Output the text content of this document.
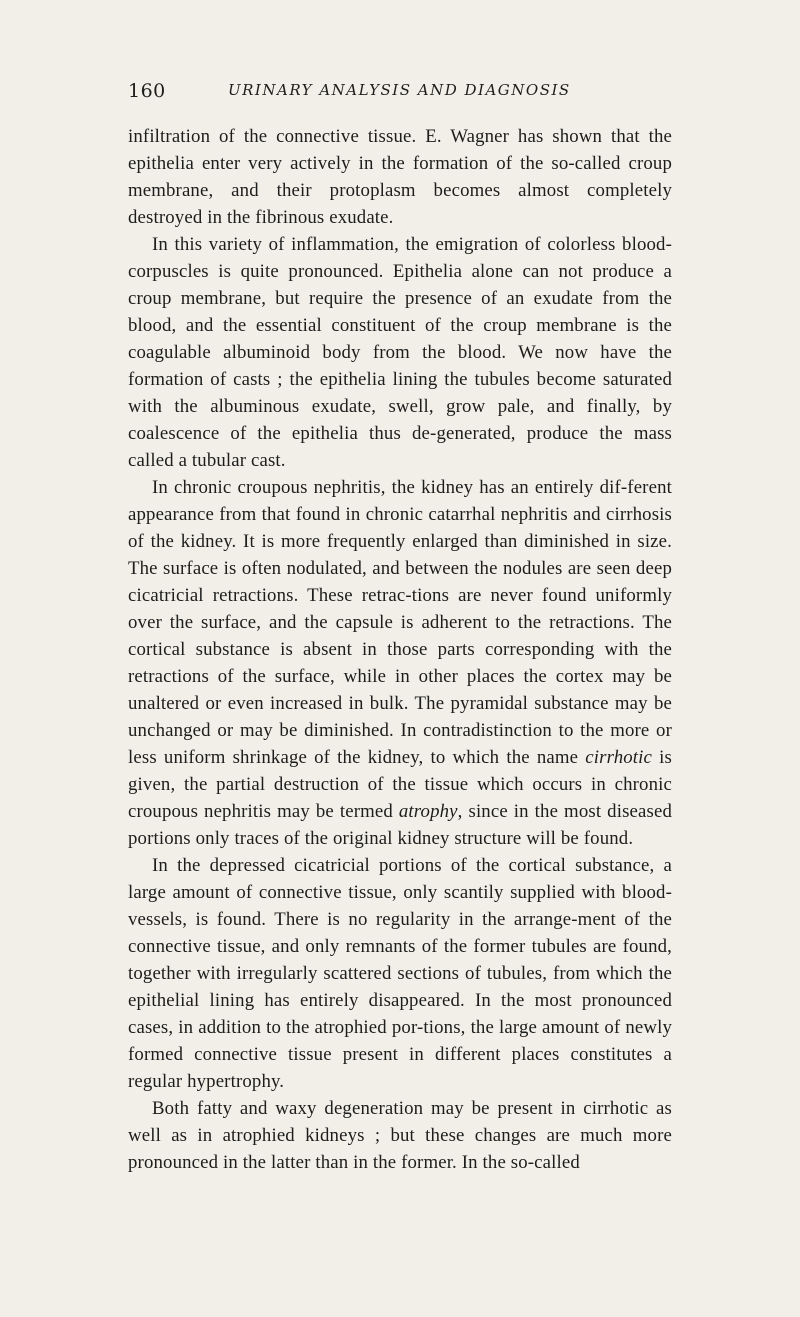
160	URINARY ANALYSIS AND DIAGNOSIS

infiltration of the connective tissue. E. Wagner has shown that the epithelia enter very actively in the formation of the so-called croup membrane, and their protoplasm becomes almost completely destroyed in the fibrinous exudate.

In this variety of inflammation, the emigration of colorless blood-corpuscles is quite pronounced. Epithelia alone can not produce a croup membrane, but require the presence of an exudate from the blood, and the essential constituent of the croup membrane is the coagulable albuminoid body from the blood. We now have the formation of casts ; the epithelia lining the tubules become saturated with the albuminous exudate, swell, grow pale, and finally, by coalescence of the epithelia thus de-generated, produce the mass called a tubular cast.

In chronic croupous nephritis, the kidney has an entirely dif-ferent appearance from that found in chronic catarrhal nephritis and cirrhosis of the kidney. It is more frequently enlarged than diminished in size. The surface is often nodulated, and between the nodules are seen deep cicatricial retractions. These retrac-tions are never found uniformly over the surface, and the capsule is adherent to the retractions. The cortical substance is absent in those parts corresponding with the retractions of the surface, while in other places the cortex may be unaltered or even increased in bulk. The pyramidal substance may be unchanged or may be diminished. In contradistinction to the more or less uniform shrinkage of the kidney, to which the name cirrhotic is given, the partial destruction of the tissue which occurs in chronic croupous nephritis may be termed atrophy, since in the most diseased portions only traces of the original kidney structure will be found.

In the depressed cicatricial portions of the cortical substance, a large amount of connective tissue, only scantily supplied with blood-vessels, is found. There is no regularity in the arrange-ment of the connective tissue, and only remnants of the former tubules are found, together with irregularly scattered sections of tubules, from which the epithelial lining has entirely disappeared. In the most pronounced cases, in addition to the atrophied por-tions, the large amount of newly formed connective tissue present in different places constitutes a regular hypertrophy.

Both fatty and waxy degeneration may be present in cirrhotic as well as in atrophied kidneys ; but these changes are much more pronounced in the latter than in the former. In the so-called
